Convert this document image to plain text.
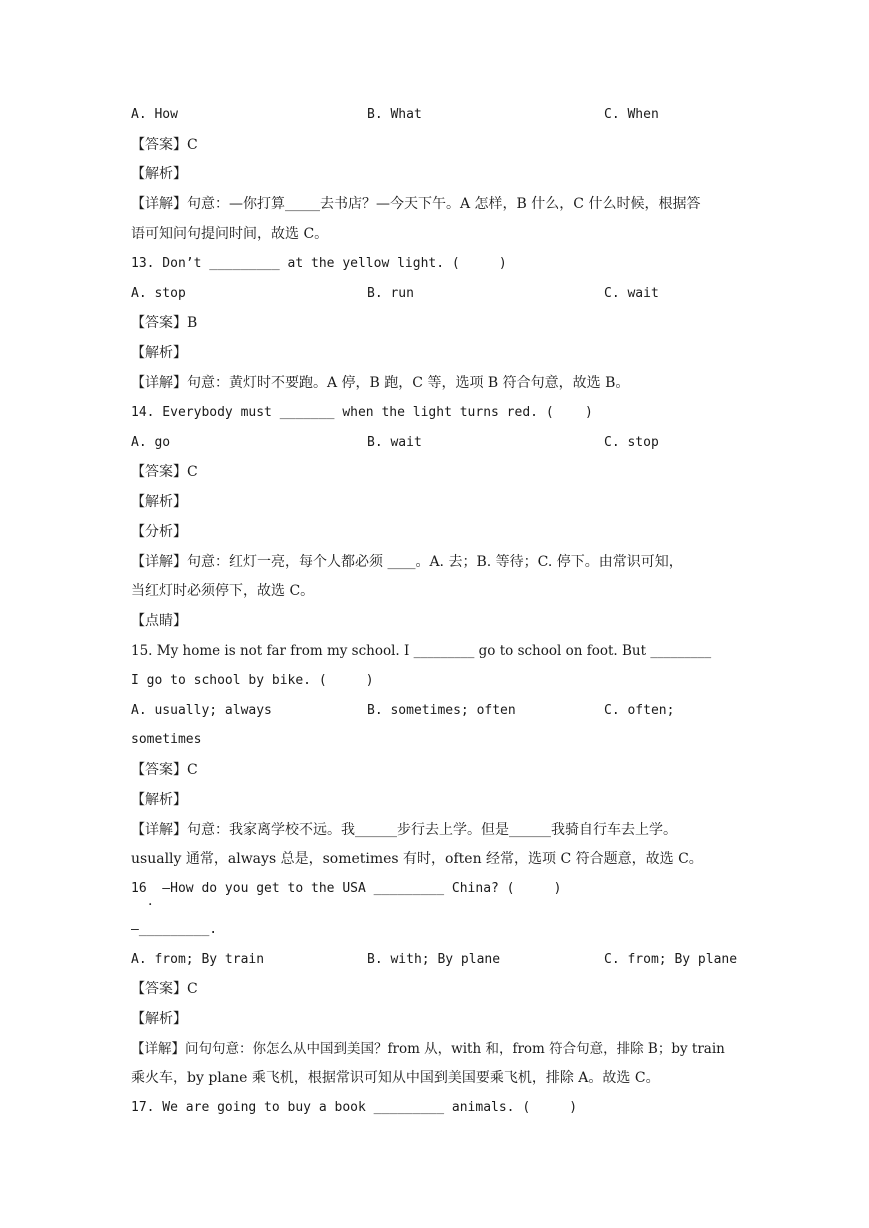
A. How	B. What	C. When
【答案】C
【解析】
【详解】句意：—你打算_____去书店？—今天下午。A 怎样，B 什么，C 什么时候，根据答
语可知问句提问时间，故选 C。
13. Don’t _________ at the yellow light. (     )
A. stop	B. run	C. wait
【答案】B
【解析】
【详解】句意：黄灯时不要跑。A 停，B 跑，C 等，选项 B 符合句意，故选 B。
14. Everybody must _______ when the light turns red. (    )
A. go	B. wait	C. stop
【答案】C
【解析】
【分析】
【详解】句意：红灯一亮，每个人都必须 ____。A. 去；B. 等待；C. 停下。由常识可知，
当红灯时必须停下，故选 C。
【点睛】
15. My home is not far from my school. I _________ go to school on foot. But _________
I go to school by bike. (     )
A. usually; always	B. sometimes; often	C. often;
sometimes
【答案】C
【解析】
【详解】句意：我家离学校不远。我______步行去上学。但是______我骑自行车去上学。
usually 通常，always 总是，sometimes 有时，often 经常，选项 C 符合题意，故选 C。
16  —How do you get to the USA _________ China? (     )
·
—_________.
A. from; By train	B. with; By plane	C. from; By plane
【答案】C
【解析】
【详解】问句句意：你怎么从中国到美国？from 从，with 和，from 符合句意，排除 B；by train
乘火车，by plane 乘飞机，根据常识可知从中国到美国要乘飞机，排除 A。故选 C。
17. We are going to buy a book _________ animals. (     )
